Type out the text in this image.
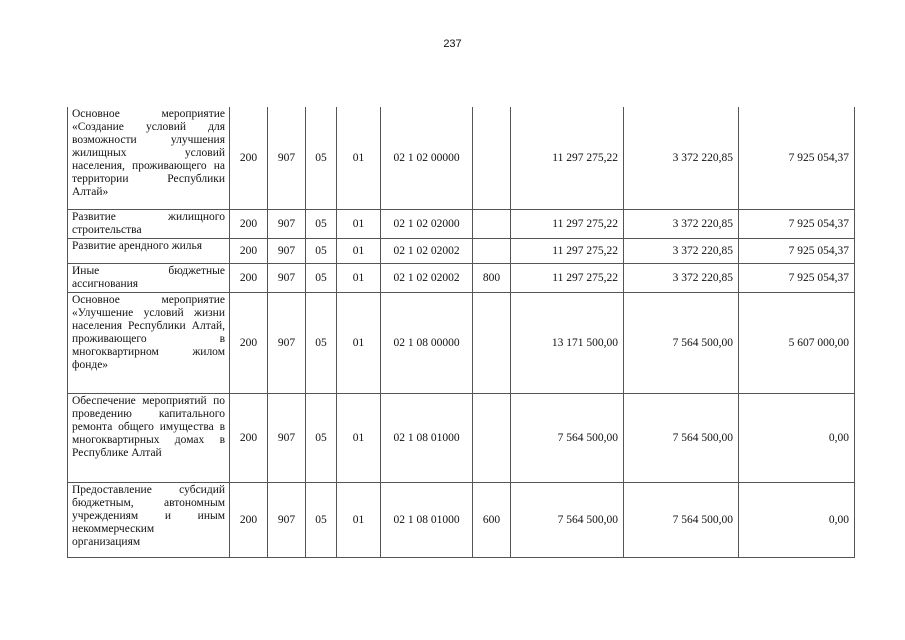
237
Основное мероприятие «Создание условий для возможности улучшения жилищных условий населения, проживающего на территории Республики Алтай»	200	907	05	01	02 1 02 00000		11 297 275,22	3 372 220,85	7 925 054,37
Развитие жилищного строительства	200	907	05	01	02 1 02 02000		11 297 275,22	3 372 220,85	7 925 054,37
Развитие арендного жилья	200	907	05	01	02 1 02 02002		11 297 275,22	3 372 220,85	7 925 054,37
Иные бюджетные ассигнования	200	907	05	01	02 1 02 02002	800	11 297 275,22	3 372 220,85	7 925 054,37
Основное мероприятие «Улучшение условий жизни населения Республики Алтай, проживающего в многоквартирном жилом фонде»	200	907	05	01	02 1 08 00000		13 171 500,00	7 564 500,00	5 607 000,00
Обеспечение мероприятий по проведению капитального ремонта общего имущества в многоквартирных домах в Республике Алтай	200	907	05	01	02 1 08 01000		7 564 500,00	7 564 500,00	0,00
Предоставление субсидий бюджетным, автономным учреждениям и иным некоммерческим организациям	200	907	05	01	02 1 08 01000	600	7 564 500,00	7 564 500,00	0,00
